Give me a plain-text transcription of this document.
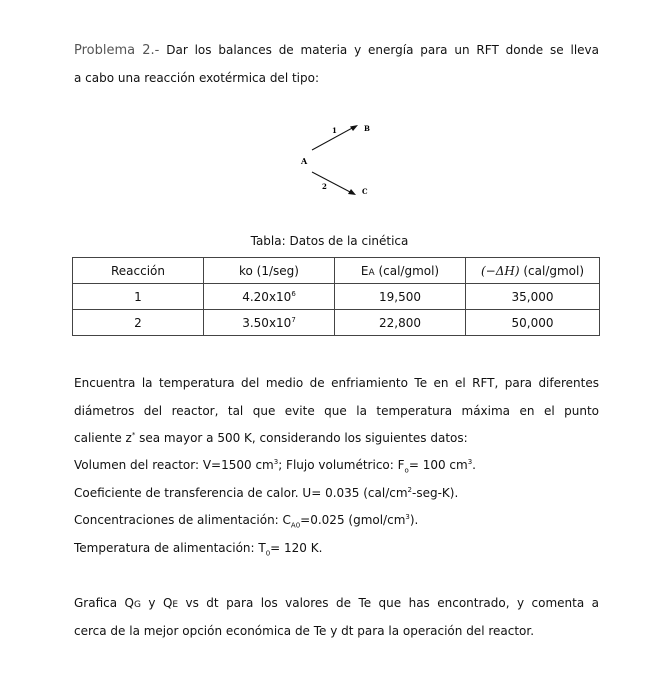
Problema 2.- Dar los balances de materia y energía para un RFT donde se lleva
a cabo una reacción exotérmica del tipo:
A
B
C
1
2
Tabla: Datos de la cinética
Reacción	ko (1/seg)	EA (cal/gmol)	(−ΔH) (cal/gmol)
1	$4.20x10^6$	19,500	35,000
2	$3.50x10^7$	22,800	50,000
Encuentra la temperatura del medio de enfriamiento Te en el RFT, para diferentes
diámetros del reactor, tal que evite que la temperatura máxima en el punto
caliente z* sea mayor a 500 K, considerando los siguientes datos:
Volumen del reactor: V=1500 $cm^3$; Flujo volumétrico: $F_o= 100$ $cm^3$.
Coeficiente de transferencia de calor. U= 0.035 $(cal/cm^2-seg-K)$.
Concentraciones de alimentación: $C_{A0}=0.025$ $(gmol/cm^3)$.
Temperatura de alimentación: $T_0= 120$ K.
Grafica QG y QE vs dt para los valores de Te que has encontrado, y comenta a
cerca de la mejor opción económica de Te y dt para la operación del reactor.
